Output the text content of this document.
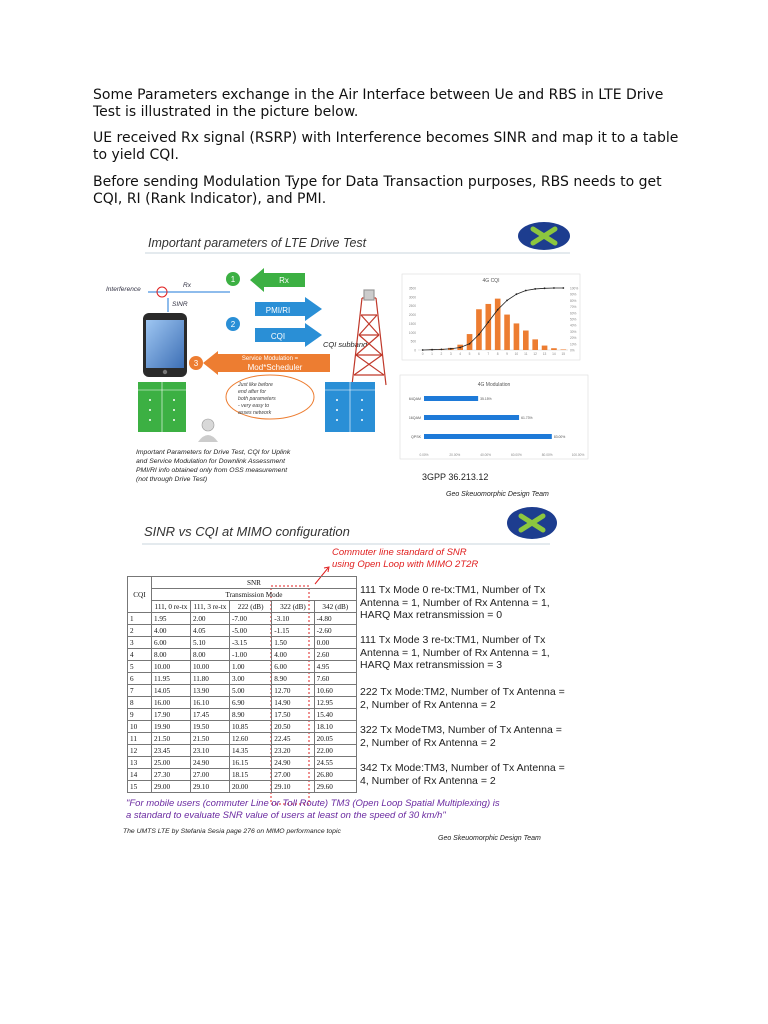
Some Parameters exchange in the Air Interface between Ue and RBS in LTE Drive Test is illustrated in the picture below.

UE received Rx signal (RSRP) with Interference becomes SINR and map it to a table to yield CQI.

Before sending Modulation Type for Data Transaction purposes, RBS needs to get CQI, RI (Rank Indicator), and PMI.

Important parameters of LTE Drive Test
Interference
Rx
SINR
1
2
3
Rx
PMI/RI
CQI
CQI subband
Service Modulation =
Mod*Scheduler
Just like before
end after for
both parameters
- very easy to
asses network
Important Parameters for Drive Test, CQI for Uplink
and Service Modulation for Downlink Assessment
PMI/RI info obtained only from OSS measurement
(not through Drive Test)	3GPP 36.213.12
Geo Skeuomorphic Design Team
4G CQI
3500
3000
2500
2000
1500
1000
500
0
100%
90%
80%
70%
60%
50%
40%
30%
20%
10%
0%
0 1 2 3 4 5 6 7 8 9 10 11 12 13 14 15
4G Modulation
64QAM	35.15%
16QAM	61.73%
QPSK	83.00%
0.00%	20.00%	40.00%	60.00%	80.00%	100.00%
SINR vs CQI at MIMO configuration
Commuter line standard of SNR
using Open Loop with MIMO 2T2R
"For mobile users (commuter Line or Toll Route) TM3 (Open Loop Spatial Multiplexing) is
a standard to evaluate SNR value of users at least on the speed of 30 km/h"
The UMTS LTE by Stefania Sesia page 276 on MIMO performance topic
Geo Skeuomorphic Design Team
CQI	SNR				
	Transmission Mode				
	111, 0 re-tx	111, 3 re-tx	222 (dB)	322 (dB)	342 (dB)
1	1.95	2.00	-7.00	-3.10	-4.80
2	4.00	4.05	-5.00	-1.15	-2.60
3	6.00	5.10	-3.15	1.50	0.00
4	8.00	8.00	-1.00	4.00	2.60
5	10.00	10.00	1.00	6.00	4.95
6	11.95	11.80	3.00	8.90	7.60
7	14.05	13.90	5.00	12.70	10.60
8	16.00	16.10	6.90	14.90	12.95
9	17.90	17.45	8.90	17.50	15.40
10	19.90	19.50	10.85	20.50	18.10
11	21.50	21.50	12.60	22.45	20.05
12	23.45	23.10	14.35	23.20	22.00
13	25.00	24.90	16.15	24.90	24.55
14	27.30	27.00	18.15	27.00	26.80
15	29.00	29.10	20.00	29.10	29.60

111 Tx Mode 0 re-tx:TM1, Number of Tx Antenna = 1, Number of Rx Antenna = 1, HARQ Max retransmission = 0

111 Tx Mode 3 re-tx:TM1, Number of Tx Antenna = 1, Number of Rx Antenna = 1, HARQ Max retransmission = 3

222 Tx Mode:TM2, Number of Tx Antenna = 2, Number of Rx Antenna = 2

322 Tx ModeTM3, Number of Tx Antenna = 2, Number of Rx Antenna = 2

342 Tx Mode:TM3, Number of Tx Antenna = 4, Number of Rx Antenna = 2
